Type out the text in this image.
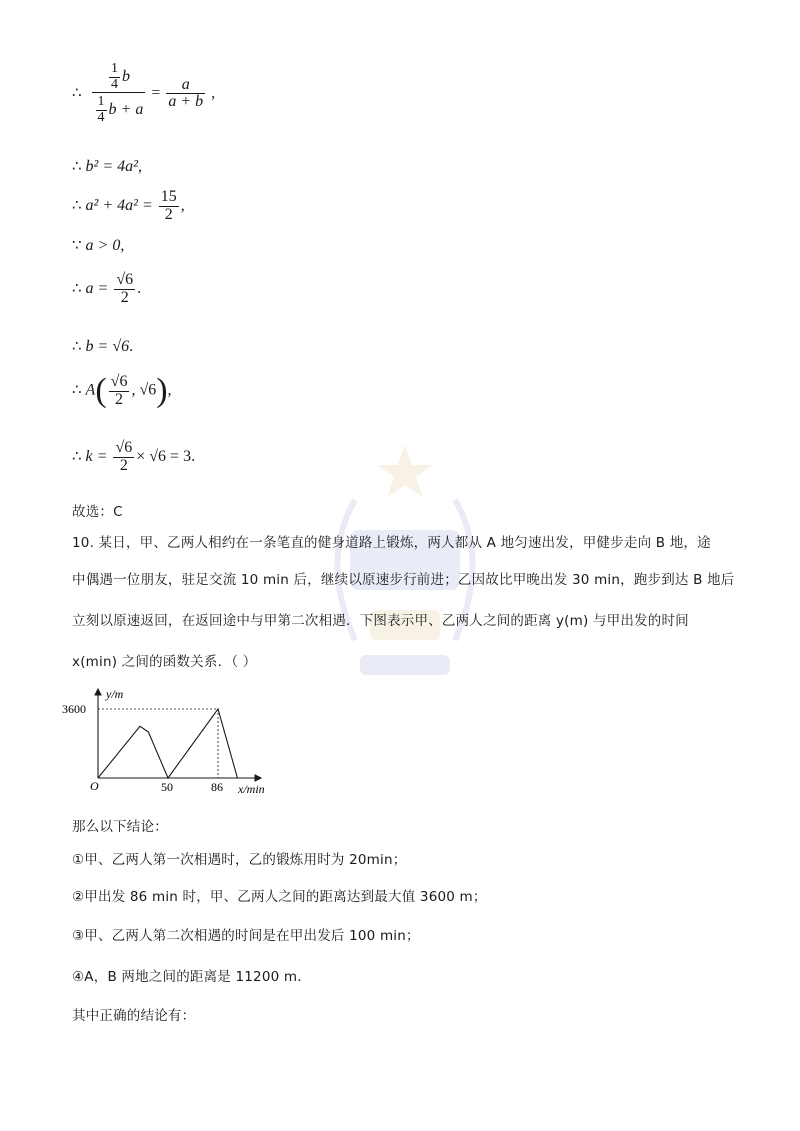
∴ $\frac{\frac{1}{4} b}{\frac{1}{4} b + a} = \frac{a}{a + b}$ ,
∴ b² = 4a²,
∴ $a^2 + 4a^2 = \frac{15}{2}$ ,
∵ a > 0,
∴ $a = \frac{√6}{2}$ .
∴ b = √6.
∴ $A( \frac{√6}{2}$ , √6),
∴ $k = \frac{√6}{2} \times √6 = 3$.
故选：C
10. 某日，甲、乙两人相约在一条笔直的健身道路上锻炼，两人都从 A 地匀速出发，甲健步走向 B 地，途
中偶遇一位朋友，驻足交流 10 min 后，继续以原速步行前进；乙因故比甲晚出发 30 min，跑步到达 B 地后
立刻以原速返回，在返回途中与甲第二次相遇．下图表示甲、乙两人之间的距离 y(m) 与甲出发的时间
x(min) 之间的函数关系．（ ）
y/m
x/min
O	50	86
3600
那么以下结论：
①甲、乙两人第一次相遇时，乙的锻炼用时为 20min；
②甲出发 86 min 时，甲、乙两人之间的距离达到最大值 3600 m；
③甲、乙两人第二次相遇的时间是在甲出发后 100 min；
④A，B 两地之间的距离是 11200 m．
其中正确的结论有：
